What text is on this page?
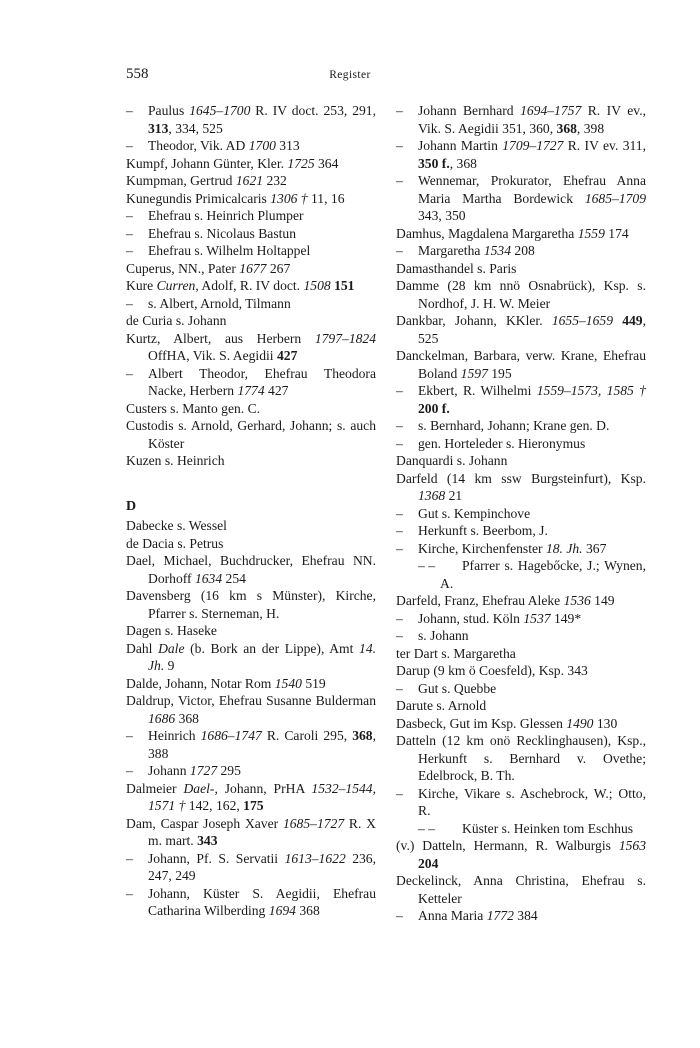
558	Register
– Paulus 1645–1700 R. IV doct. 253, 291, 313, 334, 525
– Theodor, Vik. AD 1700 313
Kumpf, Johann Günter, Kler. 1725 364
Kumpman, Gertrud 1621 232
Kunegundis Primicalcaris 1306 † 11, 16
– Ehefrau s. Heinrich Plumper
– Ehefrau s. Nicolaus Bastun
– Ehefrau s. Wilhelm Holtappel
Cuperus, NN., Pater 1677 267
Kure Curren, Adolf, R. IV doct. 1508 151
– s. Albert, Arnold, Tilmann
de Curia s. Johann
Kurtz, Albert, aus Herbern 1797–1824 OffHA, Vik. S. Aegidii 427
– Albert Theodor, Ehefrau Theodora Nacke, Herbern 1774 427
Custers s. Manto gen. C.
Custodis s. Arnold, Gerhard, Johann; s. auch Köster
Kuzen s. Heinrich
D
Dabecke s. Wessel
de Dacia s. Petrus
Dael, Michael, Buchdrucker, Ehefrau NN. Dorhoff 1634 254
Davensberg (16 km s Münster), Kirche, Pfarrer s. Sterneman, H.
Dagen s. Haseke
Dahl Dale (b. Bork an der Lippe), Amt 14. Jh. 9
Dalde, Johann, Notar Rom 1540 519
Daldrup, Victor, Ehefrau Susanne Bulderman 1686 368
– Heinrich 1686–1747 R. Caroli 295, 368, 388
– Johann 1727 295
Dalmeier Dael-, Johann, PrHA 1532–1544, 1571 † 142, 162, 175
Dam, Caspar Joseph Xaver 1685–1727 R. X m. mart. 343
– Johann, Pf. S. Servatii 1613–1622 236, 247, 249
– Johann, Küster S. Aegidii, Ehefrau Catharina Wilberding 1694 368
– Johann Bernhard 1694–1757 R. IV ev., Vik. S. Aegidii 351, 360, 368, 398
– Johann Martin 1709–1727 R. IV ev. 311, 350 f., 368
– Wennemar, Prokurator, Ehefrau Anna Maria Martha Bordewick 1685–1709 343, 350
Damhus, Magdalena Margaretha 1559 174
– Margaretha 1534 208
Damasthandel s. Paris
Damme (28 km nnö Osnabrück), Ksp. s. Nordhof, J. H. W. Meier
Dankbar, Johann, KKler. 1655–1659 449, 525
Danckelman, Barbara, verw. Krane, Ehefrau Boland 1597 195
– Ekbert, R. Wilhelmi 1559–1573, 1585 † 200 f.
– s. Bernhard, Johann; Krane gen. D.
– gen. Horteleder s. Hieronymus
Danquardi s. Johann
Darfeld (14 km ssw Burgsteinfurt), Ksp. 1368 21
– Gut s. Kempinchove
– Herkunft s. Beerbom, J.
– Kirche, Kirchenfenster 18. Jh. 367
– – Pfarrer s. Hagebőcke, J.; Wynen, A.
Darfeld, Franz, Ehefrau Aleke 1536 149
– Johann, stud. Köln 1537 149*
– s. Johann
ter Dart s. Margaretha
Darup (9 km ö Coesfeld), Ksp. 343
– Gut s. Quebbe
Darute s. Arnold
Dasbeck, Gut im Ksp. Glessen 1490 130
Datteln (12 km onö Recklinghausen), Ksp., Herkunft s. Bernhard v. Ovethe; Edelbrock, B. Th.
– Kirche, Vikare s. Aschebrock, W.; Otto, R.
– – Küster s. Heinken tom Eschhus
(v.) Datteln, Hermann, R. Walburgis 1563 204
Deckelinck, Anna Christina, Ehefrau s. Ketteler
– Anna Maria 1772 384
